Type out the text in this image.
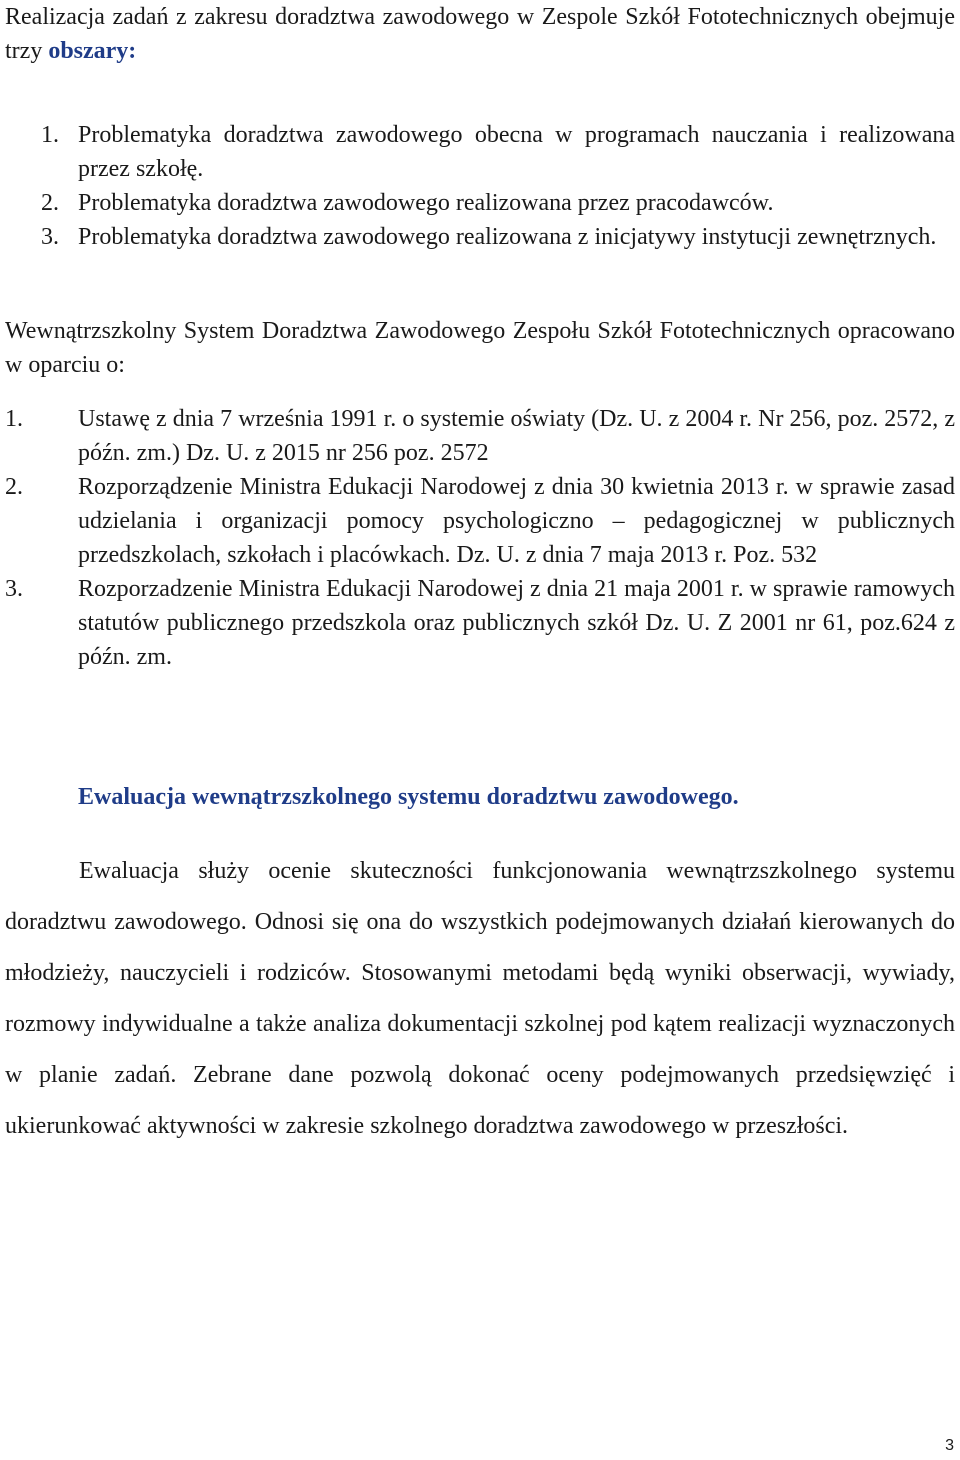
Realizacja zadań z zakresu doradztwa zawodowego w Zespole Szkół Fototechnicznych obejmuje trzy obszary:
1. Problematyka doradztwa zawodowego obecna w programach nauczania i realizowana przez szkołę.
2. Problematyka doradztwa zawodowego realizowana przez pracodawców.
3. Problematyka doradztwa zawodowego realizowana z inicjatywy instytucji zewnętrznych.
Wewnątrzszkolny System Doradztwa Zawodowego Zespołu Szkół Fototechnicznych opracowano w oparciu o:
1.	Ustawę z dnia 7 września 1991 r. o systemie oświaty (Dz. U. z 2004 r. Nr 256, poz. 2572, z późn. zm.) Dz. U. z 2015 nr 256 poz. 2572
2.	Rozporządzenie Ministra Edukacji Narodowej z dnia 30 kwietnia 2013 r. w sprawie zasad udzielania i organizacji pomocy psychologiczno – pedagogicznej w publicznych przedszkolach, szkołach i placówkach. Dz. U. z dnia 7 maja 2013 r. Poz. 532
3.	Rozporzadzenie Ministra Edukacji Narodowej z dnia 21 maja 2001 r. w sprawie ramowych statutów publicznego przedszkola oraz publicznych szkół Dz. U. Z 2001 nr 61, poz.624 z późn. zm.
Ewaluacja wewnątrzszkolnego systemu doradztwu zawodowego.
Ewaluacja służy ocenie skuteczności funkcjonowania wewnątrzszkolnego systemu doradztwu zawodowego. Odnosi się ona do wszystkich podejmowanych działań kierowanych do młodzieży, nauczycieli i rodziców. Stosowanymi metodami będą wyniki obserwacji, wywiady, rozmowy indywidualne a także analiza dokumentacji szkolnej pod kątem realizacji wyznaczonych w planie zadań. Zebrane dane pozwolą dokonać oceny podejmowanych przedsięwzięć i ukierunkować aktywności w zakresie szkolnego doradztwa zawodowego w przeszłości.
3
